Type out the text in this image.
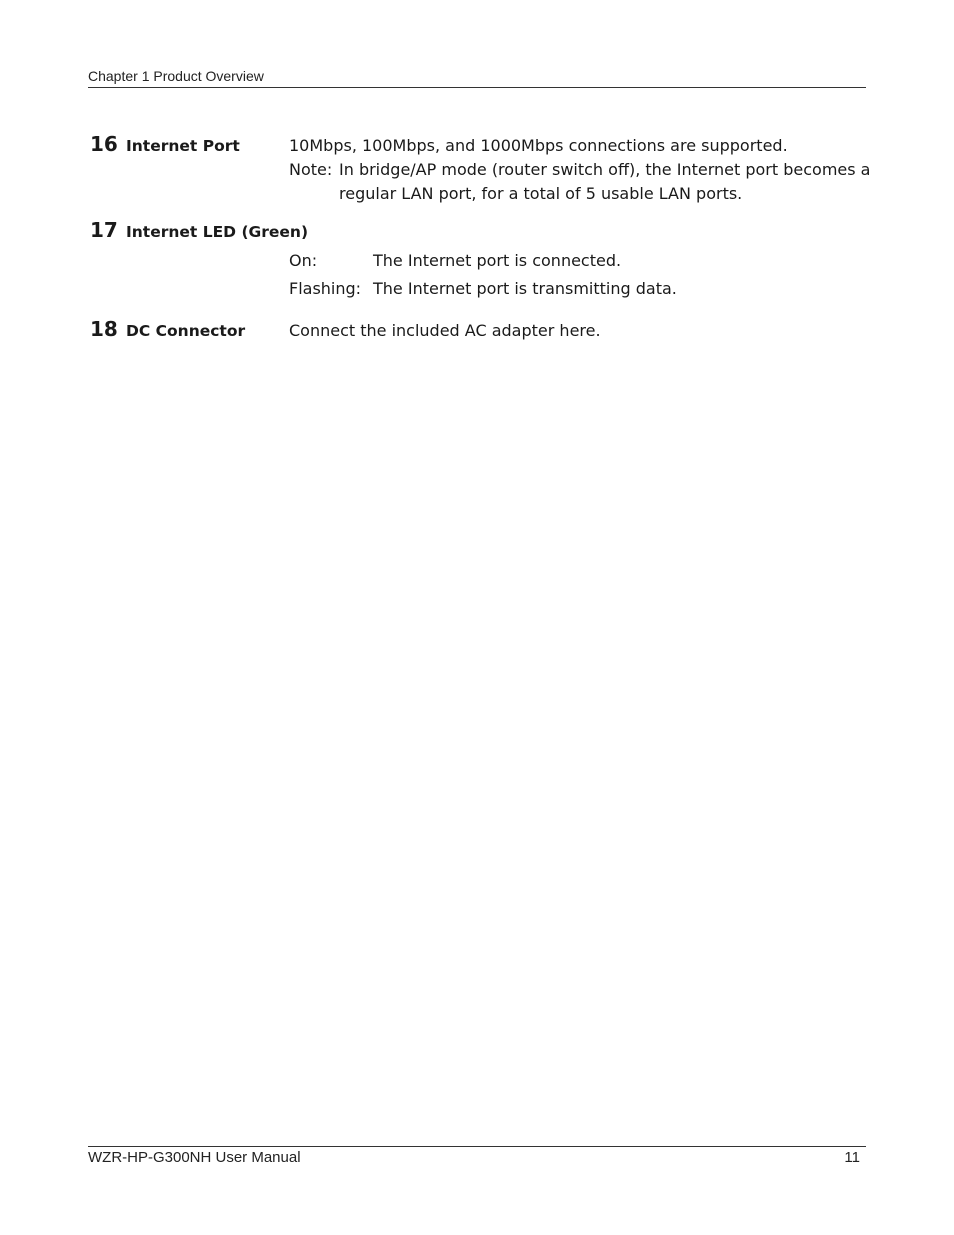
Chapter 1 Product Overview
16 Internet Port	10Mbps, 100Mbps, and 1000Mbps connections are supported.
Note: In bridge/AP mode (router switch off), the Internet port becomes a
regular LAN port, for a total of 5 usable LAN ports.
17 Internet LED (Green)
On:	The Internet port is connected.
Flashing: The Internet port is transmitting data.
18 DC Connector	Connect the included AC adapter here.
WZR-HP-G300NH User Manual	11
